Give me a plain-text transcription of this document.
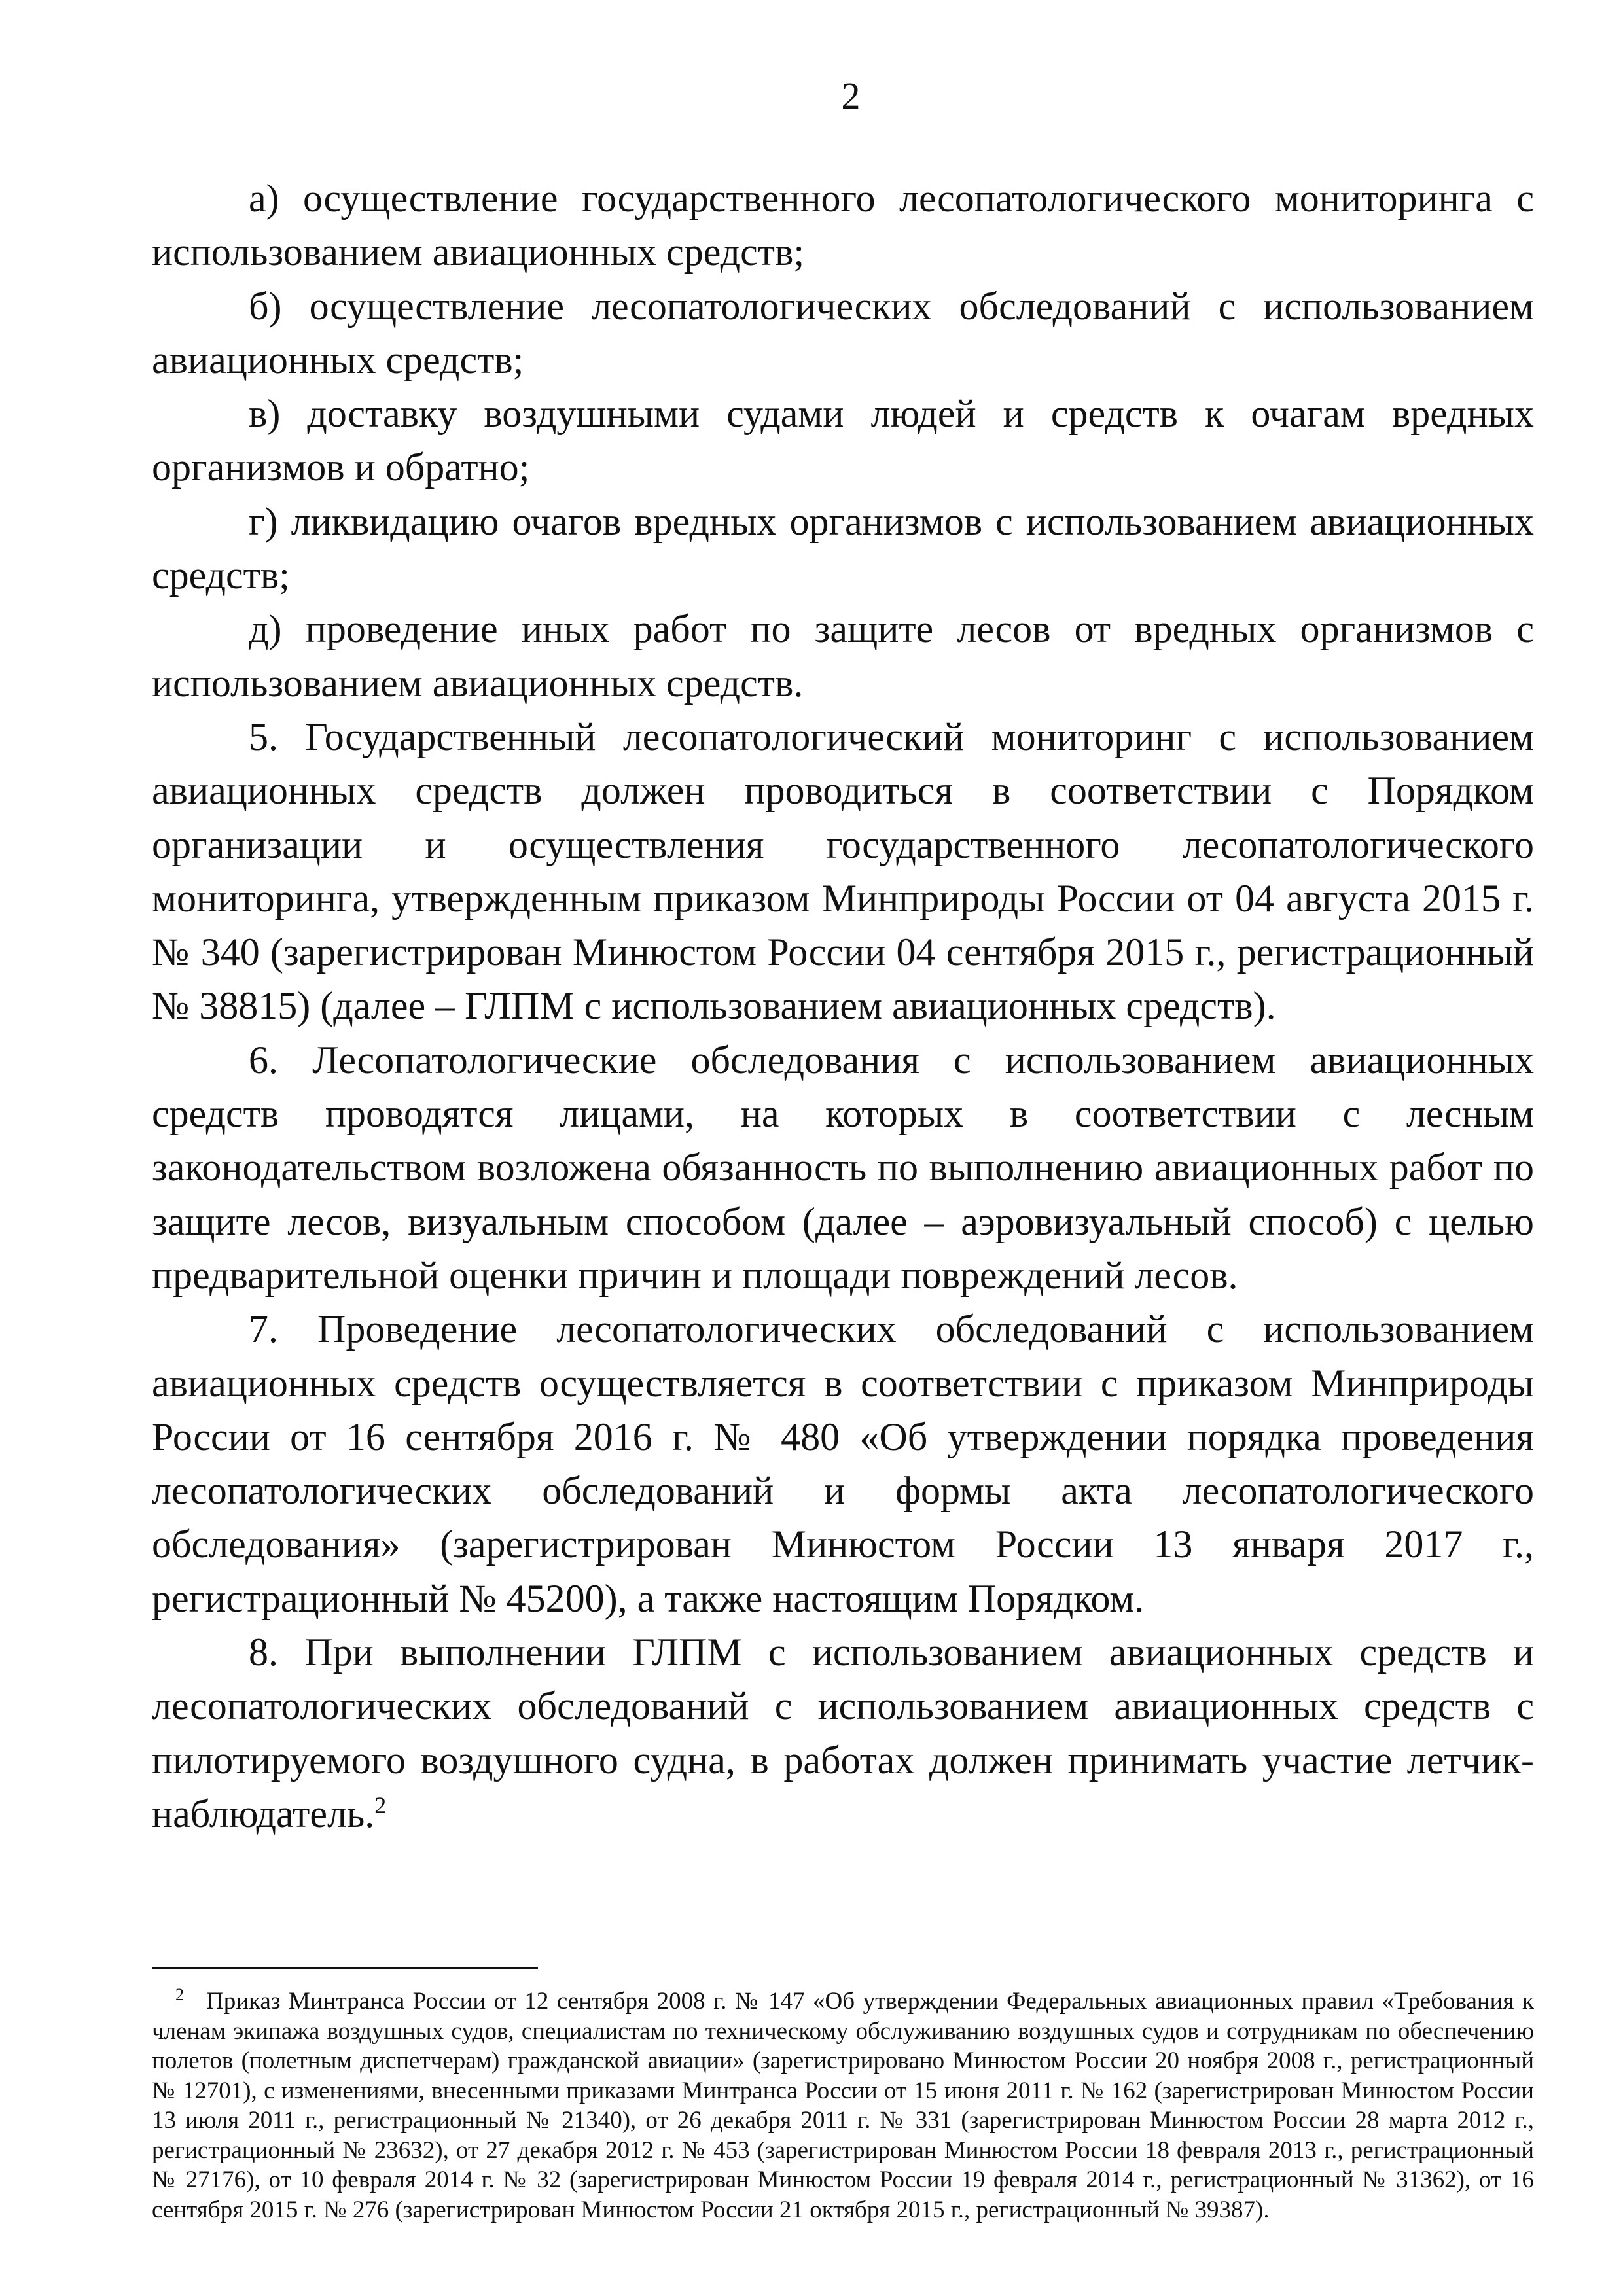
2

а) осуществление государственного лесопатологического мониторинга с использованием авиационных средств;

б) осуществление лесопатологических обследований с использованием авиационных средств;

в) доставку воздушными судами людей и средств к очагам вредных организмов и обратно;

г) ликвидацию очагов вредных организмов с использованием авиационных средств;

д) проведение иных работ по защите лесов от вредных организмов с использованием авиационных средств.

5. Государственный лесопатологический мониторинг с использованием авиационных средств должен проводиться в соответствии с Порядком организации и осуществления государственного лесопатологического мониторинга, утвержденным приказом Минприроды России от 04 августа 2015 г. № 340 (зарегистрирован Минюстом России 04 сентября 2015 г., регистрационный № 38815) (далее – ГЛПМ с использованием авиационных средств).

6. Лесопатологические обследования с использованием авиационных средств проводятся лицами, на которых в соответствии с лесным законодательством возложена обязанность по выполнению авиационных работ по защите лесов, визуальным способом (далее – аэровизуальный способ) с целью предварительной оценки причин и площади повреждений лесов.

7. Проведение лесопатологических обследований с использованием авиационных средств осуществляется в соответствии с приказом Минприроды России от 16 сентября 2016 г. № 480 «Об утверждении порядка проведения лесопатологических обследований и формы акта лесопатологического обследования» (зарегистрирован Минюстом России 13 января 2017 г., регистрационный № 45200), а также настоящим Порядком.

8. При выполнении ГЛПМ с использованием авиационных средств и лесопатологических обследований с использованием авиационных средств с пилотируемого воздушного судна, в работах должен принимать участие летчик-наблюдатель.$^2$

$^2$ Приказ Минтранса России от 12 сентября 2008 г. № 147 «Об утверждении Федеральных авиационных правил «Требования к членам экипажа воздушных судов, специалистам по техническому обслуживанию воздушных судов и сотрудникам по обеспечению полетов (полетным диспетчерам) гражданской авиации» (зарегистрировано Минюстом России 20 ноября 2008 г., регистрационный № 12701), с изменениями, внесенными приказами Минтранса России от 15 июня 2011 г. № 162 (зарегистрирован Минюстом России 13 июля 2011 г., регистрационный № 21340), от 26 декабря 2011 г. № 331 (зарегистрирован Минюстом России 28 марта 2012 г., регистрационный № 23632), от 27 декабря 2012 г. № 453 (зарегистрирован Минюстом России 18 февраля 2013 г., регистрационный № 27176), от 10 февраля 2014 г. № 32 (зарегистрирован Минюстом России 19 февраля 2014 г., регистрационный № 31362), от 16 сентября 2015 г. № 276 (зарегистрирован Минюстом России 21 октября 2015 г., регистрационный № 39387).
